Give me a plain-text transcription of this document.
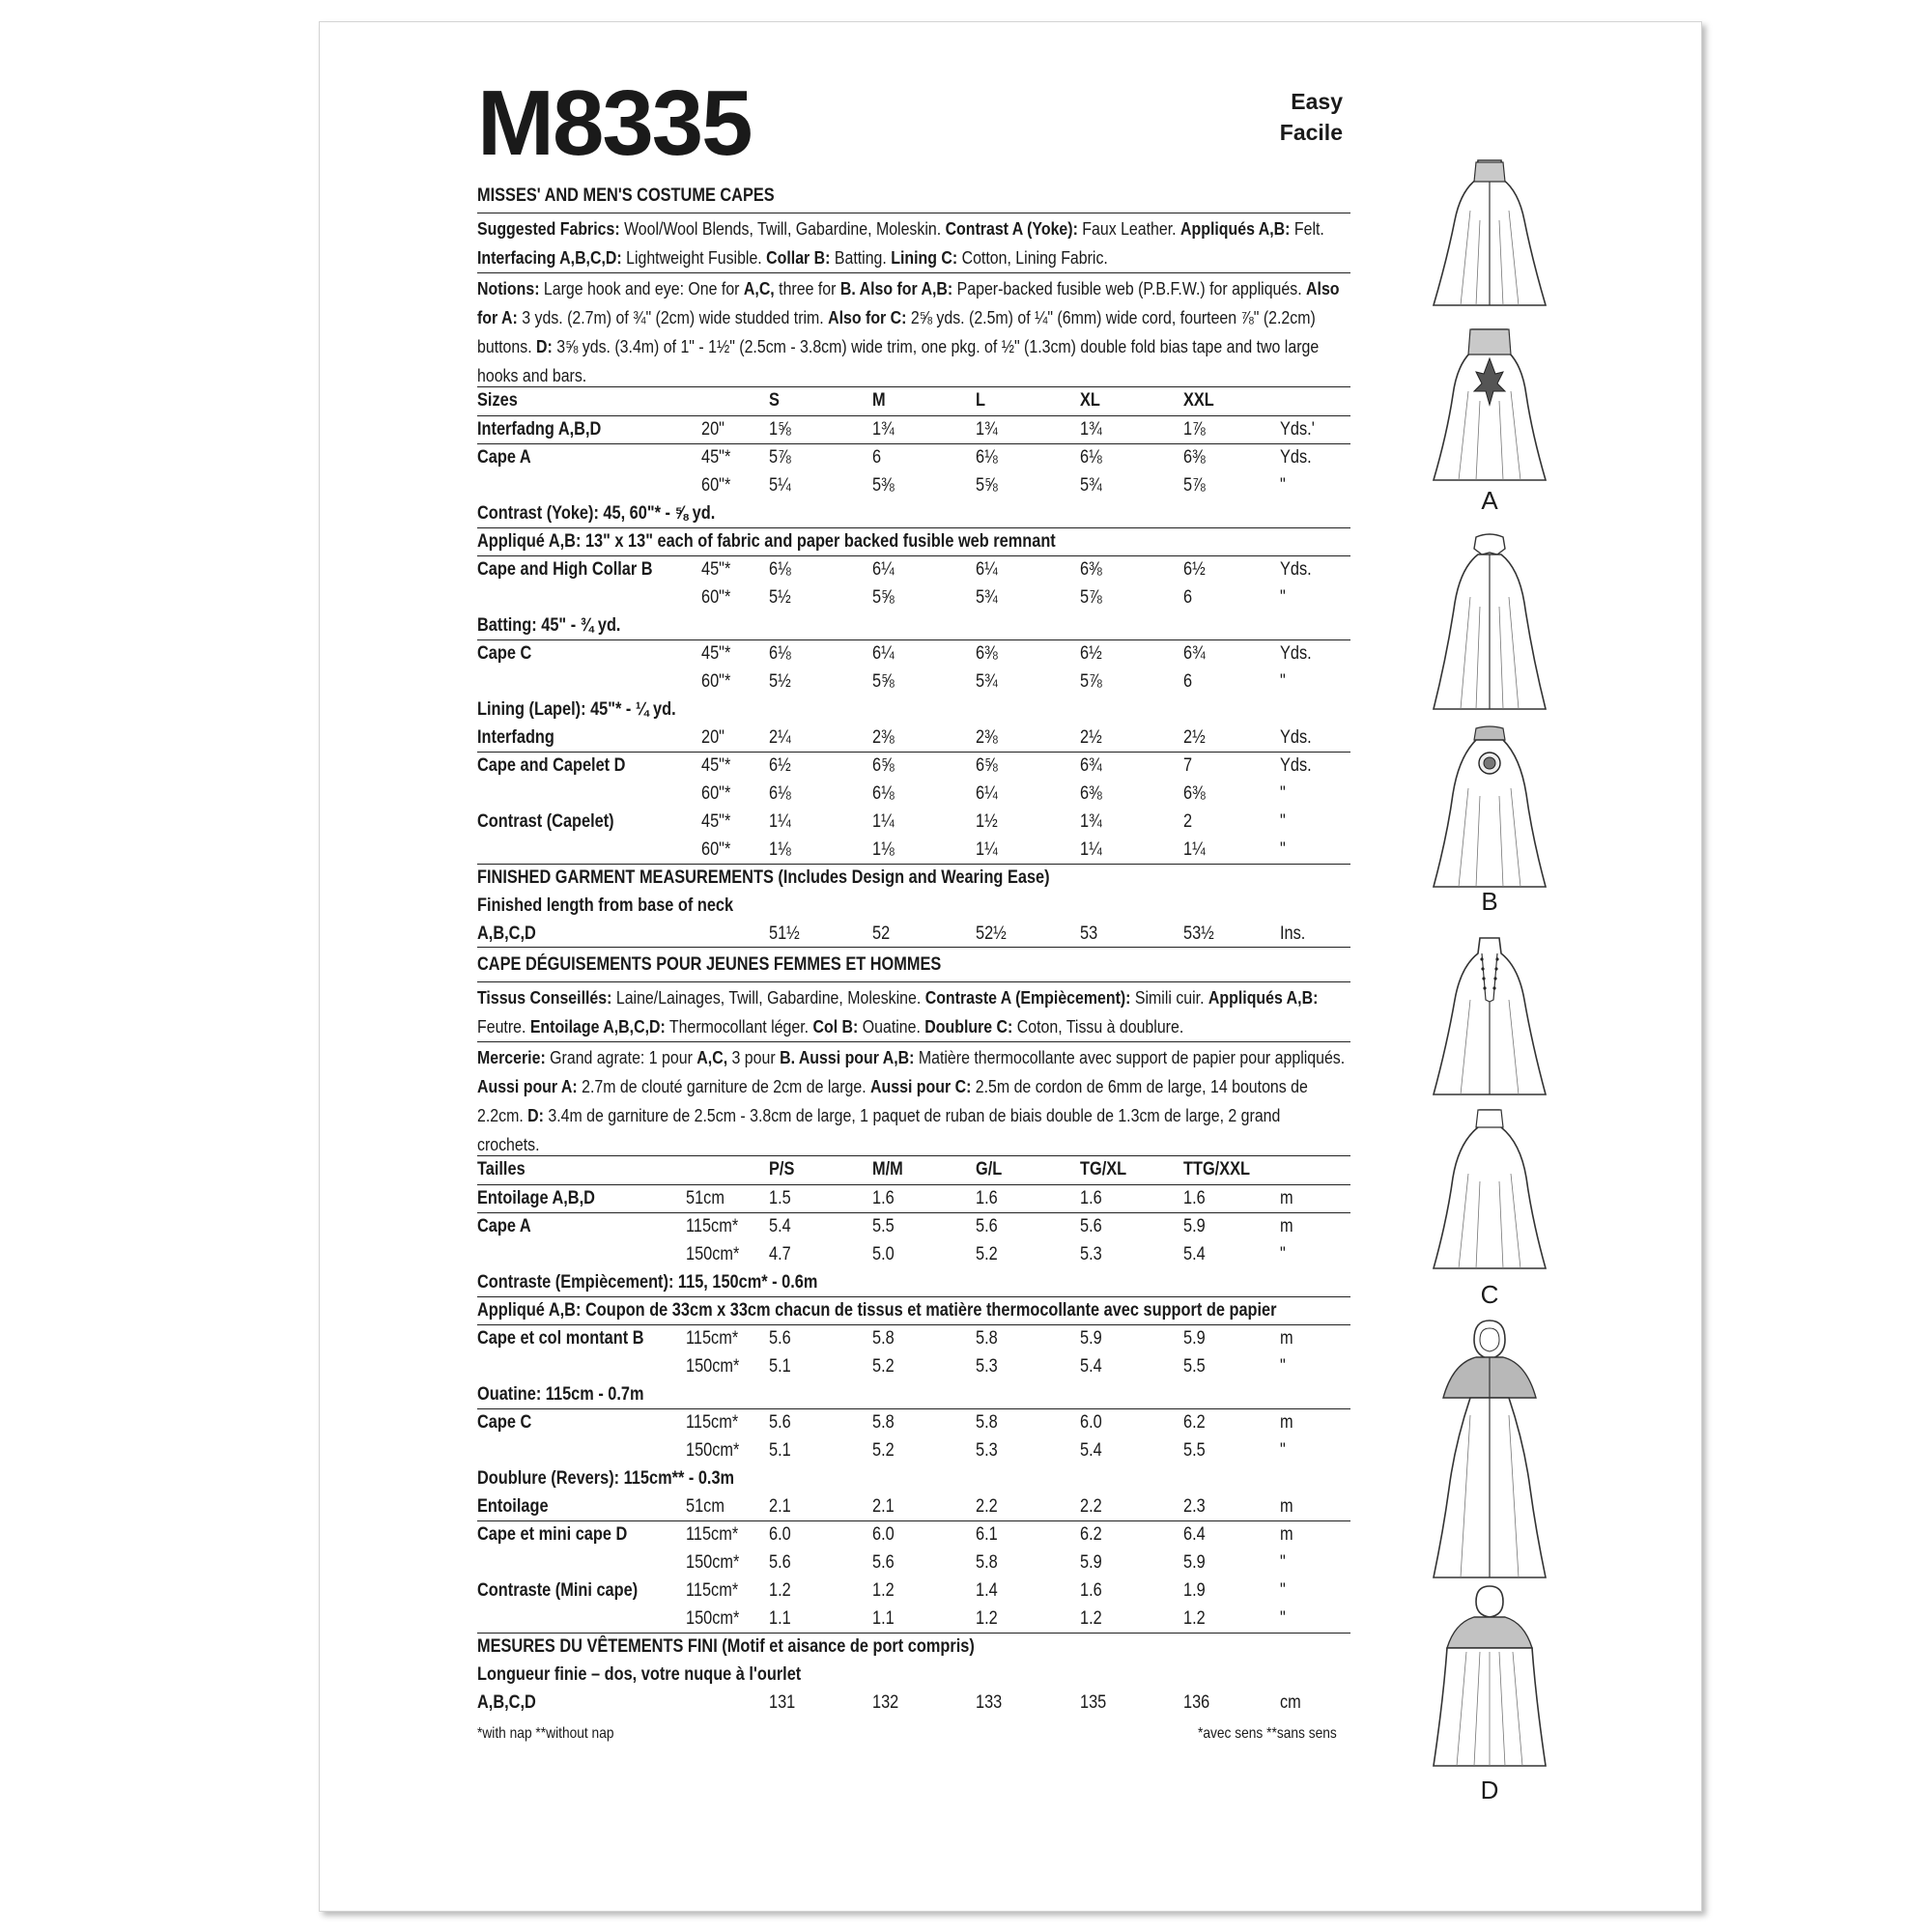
M8335	Easy
Facile
MISSES' AND MEN'S COSTUME CAPES
Suggested Fabrics: Wool/Wool Blends, Twill, Gabardine, Moleskin. Contrast A (Yoke): Faux Leather. Appliqués A,B: Felt. Interfacing A,B,C,D: Lightweight Fusible. Collar B: Batting. Lining C: Cotton, Lining Fabric.
Notions: Large hook and eye: One for A,C, three for B. Also for A,B: Paper-backed fusible web (P.B.F.W.) for appliqués. Also for A: 3 yds. (2.7m) of ¾" (2cm) wide studded trim. Also for C: 2⅝ yds. (2.5m) of ¼" (6mm) wide cord, fourteen ⅞" (2.2cm) buttons. D: 3⅝ yds. (3.4m) of 1" - 1½" (2.5cm - 3.8cm) wide trim, one pkg. of ½" (1.3cm) double fold bias tape and two large hooks and bars.
Sizes	S	M	L	XL	XXL
Interfadng A,B,D	20" 1⅝	1¾	1¾	1¾	1⅞	Yds.'
Cape A	45"* 5⅞	6	6⅛	6⅛	6⅜	Yds.
60"* 5¼	5⅜	5⅝	5¾	5⅞	"
Contrast (Yoke): 45, 60"* - ⅝ yd.
Appliqué A,B: 13" x 13" each of fabric and paper backed fusible web remnant
Cape and High Collar B	45"* 6⅛	6¼	6¼	6⅜	6½	Yds.
60"* 5½	5⅝	5¾	5⅞	6	"
Batting: 45" - ¾ yd.
Cape C	45"* 6⅛	6¼	6⅜	6½	6¾	Yds.
60"* 5½	5⅝	5¾	5⅞	6	"
Lining (Lapel): 45"* - ¼ yd.
Interfadng	20" 2¼	2⅜	2⅜	2½	2½	Yds.
Cape and Capelet D	45"* 6½	6⅝	6⅝	6¾	7	Yds.
60"* 6⅛	6⅛	6¼	6⅜	6⅜	"
Contrast (Capelet)	45"* 1¼	1¼	1½	1¾	2	"
60"* 1⅛	1⅛	1¼	1¼	1¼	"
FINISHED GARMENT MEASUREMENTS (Includes Design and Wearing Ease)
Finished length from base of neck
A,B,C,D	51½	52	52½	53	53½	Ins.
CAPE DÉGUISEMENTS POUR JEUNES FEMMES ET HOMMES
Tissus Conseillés: Laine/Lainages, Twill, Gabardine, Moleskine. Contraste A (Empiècement): Simili cuir. Appliqués A,B: Feutre. Entoilage A,B,C,D: Thermocollant léger. Col B: Ouatine. Doublure C: Coton, Tissu à doublure.
Mercerie: Grand agrate: 1 pour A,C, 3 pour B. Aussi pour A,B: Matière thermocollante avec support de papier pour appliqués. Aussi pour A: 2.7m de clouté garniture de 2cm de large. Aussi pour C: 2.5m de cordon de 6mm de large, 14 boutons de 2.2cm. D: 3.4m de garniture de 2.5cm - 3.8cm de large, 1 paquet de ruban de biais double de 1.3cm de large, 2 grand crochets.
Tailles	P/S	M/M	G/L	TG/XL	TTG/XXL
Entoilage A,B,D	51cm 1.5	1.6	1.6	1.6	1.6	m
Cape A	115cm* 5.4	5.5	5.6	5.6	5.9	m
150cm* 4.7	5.0	5.2	5.3	5.4	"
Contraste (Empiècement): 115, 150cm* - 0.6m
Appliqué A,B: Coupon de 33cm x 33cm chacun de tissus et matière thermocollante avec support de papier
Cape et col montant B 115cm* 5.6	5.8	5.8	5.9	5.9	m
150cm* 5.1	5.2	5.3	5.4	5.5	"
Ouatine: 115cm - 0.7m
Cape C	115cm* 5.6	5.8	5.8	6.0	6.2	m
150cm* 5.1	5.2	5.3	5.4	5.5	"
Doublure (Revers): 115cm** - 0.3m
Entoilage	51cm 2.1	2.1	2.2	2.2	2.3	m
Cape et mini cape D	115cm* 6.0	6.0	6.1	6.2	6.4	m
150cm* 5.6	5.6	5.8	5.9	5.9	"
Contraste (Mini cape)	115cm* 1.2	1.2	1.4	1.6	1.9	"
150cm* 1.1	1.1	1.2	1.2	1.2	"
MESURES DU VÊTEMENTS FINI (Motif et aisance de port compris)
Longueur finie – dos, votre nuque à l'ourlet
A,B,C,D	131	132	133	135	136	cm
*with nap **without nap	*avec sens **sans sens
A
B
C
D
